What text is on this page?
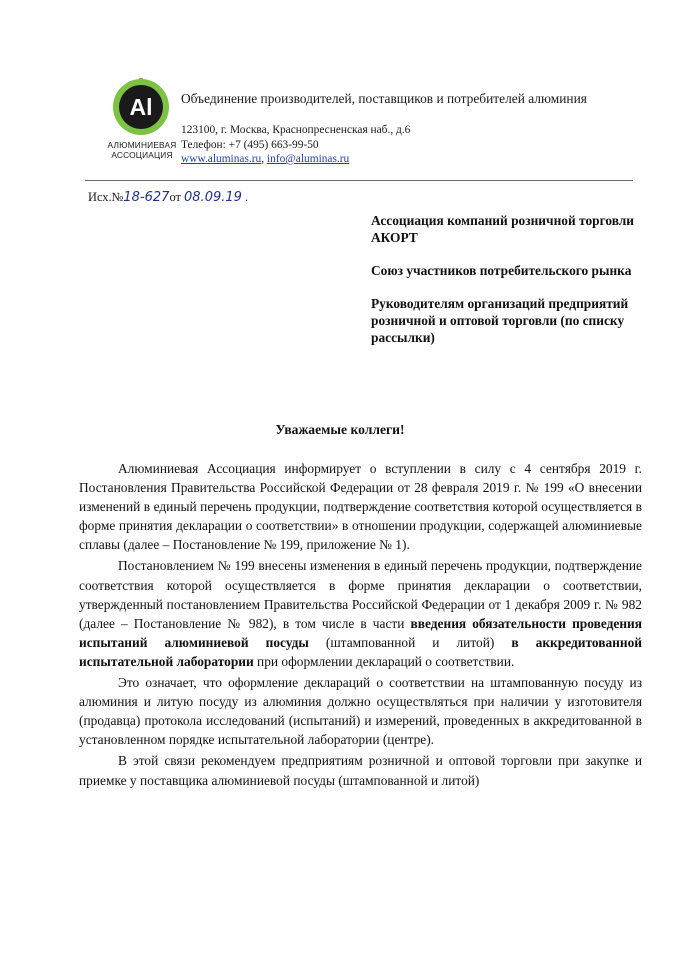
Al
АЛЮМИНИЕВАЯ
АССОЦИАЦИЯ
Объединение производителей, поставщиков и потребителей алюминия
123100, г. Москва, Краснопресненская наб., д.6
Телефон: +7 (495) 663-99-50
www.aluminas.ru, info@aluminas.ru
Исх.№18-627от 08.09.19 .
Ассоциация компаний розничной торговли АКОРТ
Союз участников потребительского рынка
Руководителям организаций предприятий розничной и оптовой торговли (по списку рассылки)
Уважаемые коллеги!

Алюминиевая Ассоциация информирует о вступлении в силу с 4 сентября 2019 г. Постановления Правительства Российской Федерации от 28 февраля 2019 г. № 199 «О внесении изменений в единый перечень продукции, подтверждение соответствия которой осуществляется в форме принятия декларации о соответствии» в отношении продукции, содержащей алюминиевые сплавы (далее – Постановление № 199, приложение № 1).

Постановлением № 199 внесены изменения в единый перечень продукции, подтверждение соответствия которой осуществляется в форме принятия декларации о соответствии, утвержденный постановлением Правительства Российской Федерации от 1 декабря 2009 г. № 982 (далее – Постановление № 982), в том числе в части введения обязательности проведения испытаний алюминиевой посуды (штампованной и литой) в аккредитованной испытательной лаборатории при оформлении деклараций о соответствии.

Это означает, что оформление деклараций о соответствии на штампованную посуду из алюминия и литую посуду из алюминия должно осуществляться при наличии у изготовителя (продавца) протокола исследований (испытаний) и измерений, проведенных в аккредитованной в установленном порядке испытательной лаборатории (центре).

В этой связи рекомендуем предприятиям розничной и оптовой торговли при закупке и приемке у поставщика алюминиевой посуды (штампованной и литой)
